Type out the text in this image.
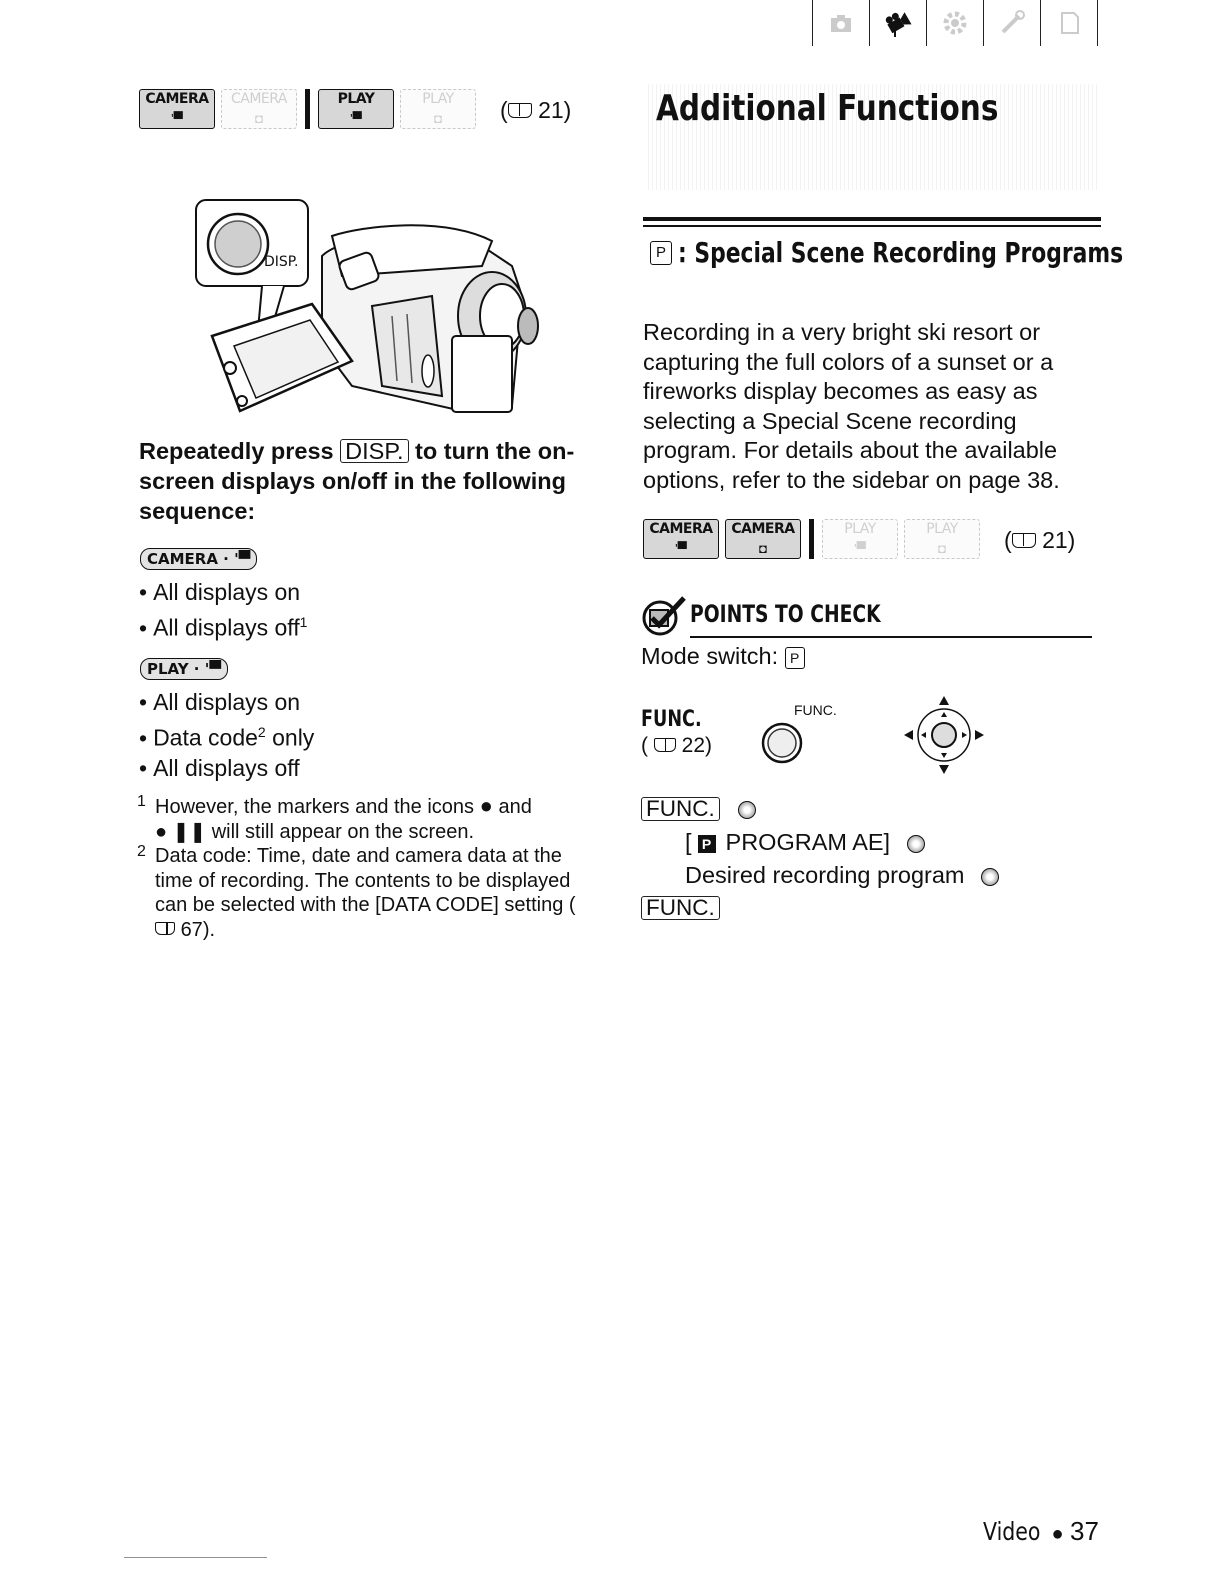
CAMERA
'▀
CAMERA
◘
PLAY
'▀
PLAY
◘	( 21)
DISP.
Repeatedly press DISP. to turn the on-screen displays on/off in the following sequence:
CAMERA · '▀
• All displays on
• All displays off$^1$
PLAY · '▀
• All displays on
• Data code$^2$ only
• All displays off
1 However, the markers and the icons ● and
● ❚❚ will still appear on the screen.
2 Data code: Time, date and camera data at the time of recording. The contents to be displayed can be selected with the [DATA CODE] setting ( 67).
Additional Functions
P : Special Scene Recording Programs
Recording in a very bright ski resort or capturing the full colors of a sunset or a fireworks display becomes as easy as selecting a Special Scene recording program. For details about the available options, refer to the sidebar on page 38.
CAMERA
'▀
CAMERA
◘
PLAY
'▀
PLAY
◘	( 21)
POINTS TO CHECK
Mode switch: P
FUNC.
(  22)
FUNC.
FUNC.
[ P PROGRAM AE]
Desired recording program
FUNC.
Video ● 37
